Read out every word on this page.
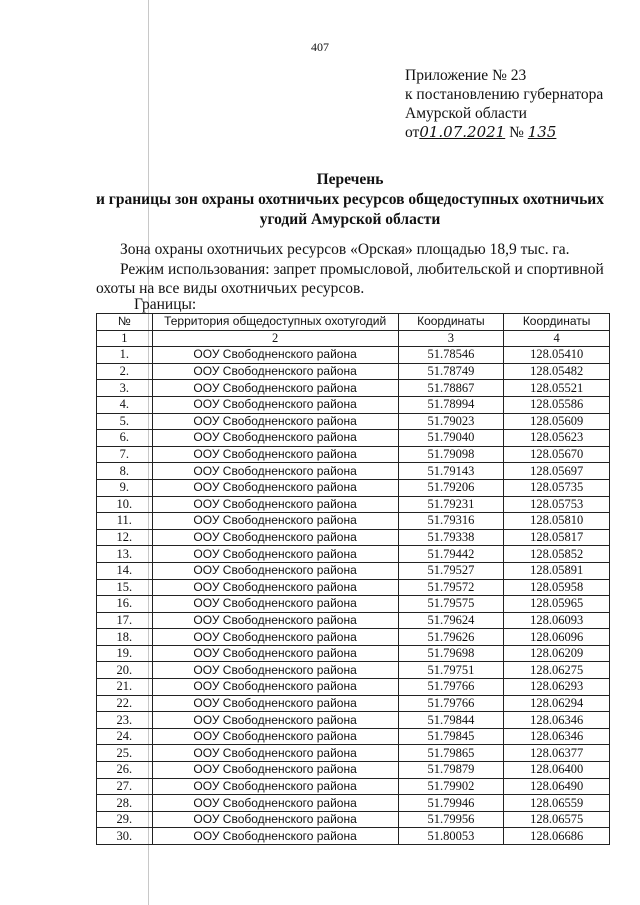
407
Приложение № 23
к постановлению губернатора
Амурской области
от01.07.2021 № 135
Перечень
и границы зон охраны охотничьих ресурсов общедоступных охотничьих
угодий Амурской области

Зона охраны охотничьих ресурсов «Орская» площадью 18,9 тыс. га.

Режим использования: запрет промысловой, любительской и спортивной охоты на все виды охотничьих ресурсов.

Границы:
№	Территория общедоступных охотугодий	Координаты	Координаты
1	2	3	4
1.	ООУ Свободненского района	51.78546	128.05410
2.	ООУ Свободненского района	51.78749	128.05482
3.	ООУ Свободненского района	51.78867	128.05521
4.	ООУ Свободненского района	51.78994	128.05586
5.	ООУ Свободненского района	51.79023	128.05609
6.	ООУ Свободненского района	51.79040	128.05623
7.	ООУ Свободненского района	51.79098	128.05670
8.	ООУ Свободненского района	51.79143	128.05697
9.	ООУ Свободненского района	51.79206	128.05735
10.	ООУ Свободненского района	51.79231	128.05753
11.	ООУ Свободненского района	51.79316	128.05810
12.	ООУ Свободненского района	51.79338	128.05817
13.	ООУ Свободненского района	51.79442	128.05852
14.	ООУ Свободненского района	51.79527	128.05891
15.	ООУ Свободненского района	51.79572	128.05958
16.	ООУ Свободненского района	51.79575	128.05965
17.	ООУ Свободненского района	51.79624	128.06093
18.	ООУ Свободненского района	51.79626	128.06096
19.	ООУ Свободненского района	51.79698	128.06209
20.	ООУ Свободненского района	51.79751	128.06275
21.	ООУ Свободненского района	51.79766	128.06293
22.	ООУ Свободненского района	51.79766	128.06294
23.	ООУ Свободненского района	51.79844	128.06346
24.	ООУ Свободненского района	51.79845	128.06346
25.	ООУ Свободненского района	51.79865	128.06377
26.	ООУ Свободненского района	51.79879	128.06400
27.	ООУ Свободненского района	51.79902	128.06490
28.	ООУ Свободненского района	51.79946	128.06559
29.	ООУ Свободненского района	51.79956	128.06575
30.	ООУ Свободненского района	51.80053	128.06686
